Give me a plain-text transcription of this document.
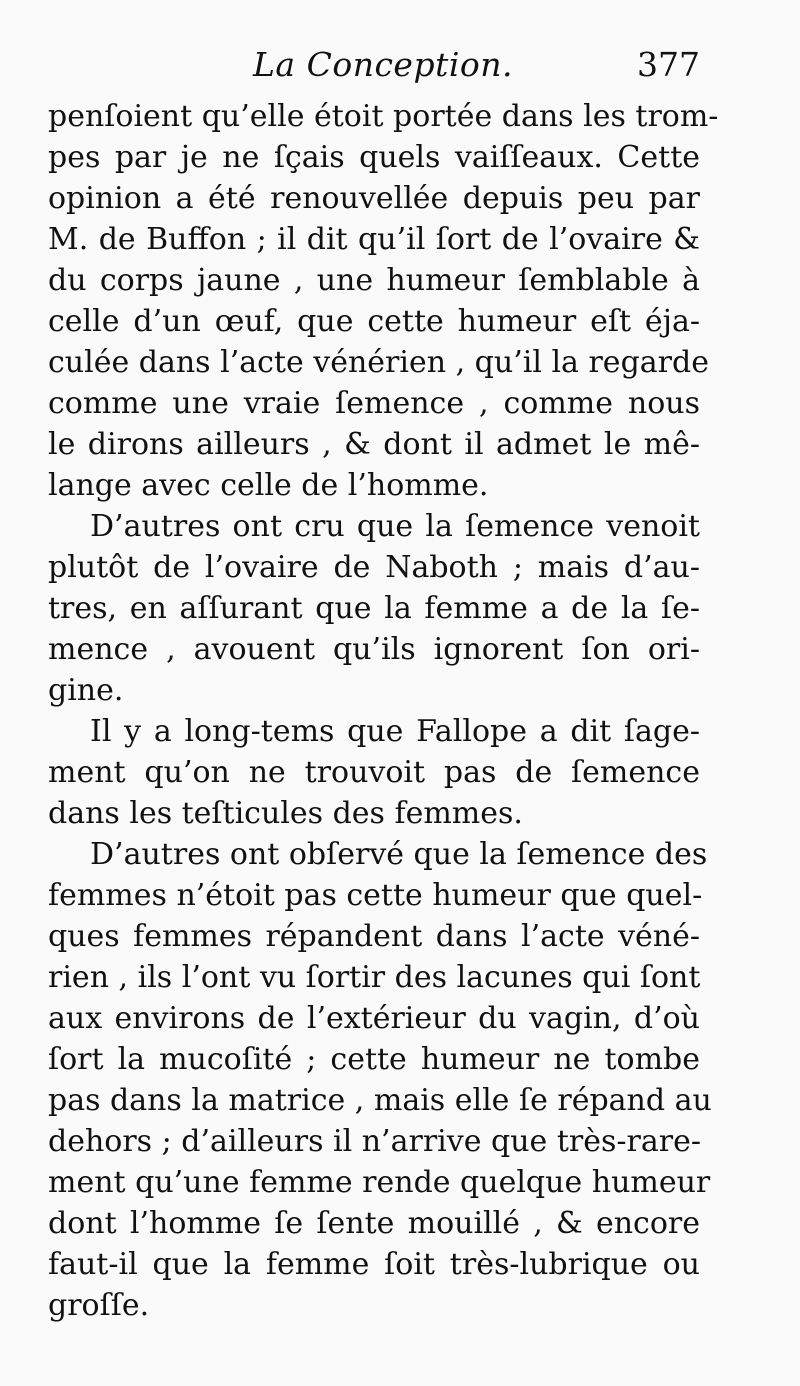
La Conception.	377
penſoient qu’elle étoit portée dans les trom-
pes par je ne ſçais quels vaiſſeaux. Cette
opinion a été renouvellée depuis peu par
M. de Buffon ; il dit qu’il ſort de l’ovaire &
du corps jaune , une humeur ſemblable à
celle d’un œuf, que cette humeur eſt éja-
culée dans l’acte vénérien , qu’il la regarde
comme une vraie ſemence , comme nous
le dirons ailleurs , & dont il admet le mê-
lange avec celle de l’homme.
D’autres ont cru que la ſemence venoit
plutôt de l’ovaire de Naboth ; mais d’au-
tres, en aſſurant que la femme a de la ſe-
mence , avouent qu’ils ignorent ſon ori-
gine.
Il y a long-tems que Fallope a dit ſage-
ment qu’on ne trouvoit pas de ſemence
dans les teſticules des femmes.
D’autres ont obſervé que la ſemence des
femmes n’étoit pas cette humeur que quel-
ques femmes répandent dans l’acte véné-
rien , ils l’ont vu ſortir des lacunes qui ſont
aux environs de l’extérieur du vagin, d’où
ſort la mucoſité ; cette humeur ne tombe
pas dans la matrice , mais elle ſe répand au
dehors ; d’ailleurs il n’arrive que très-rare-
ment qu’une femme rende quelque humeur
dont l’homme ſe ſente mouillé , & encore
faut-il que la femme ſoit très-lubrique ou
groſſe.
